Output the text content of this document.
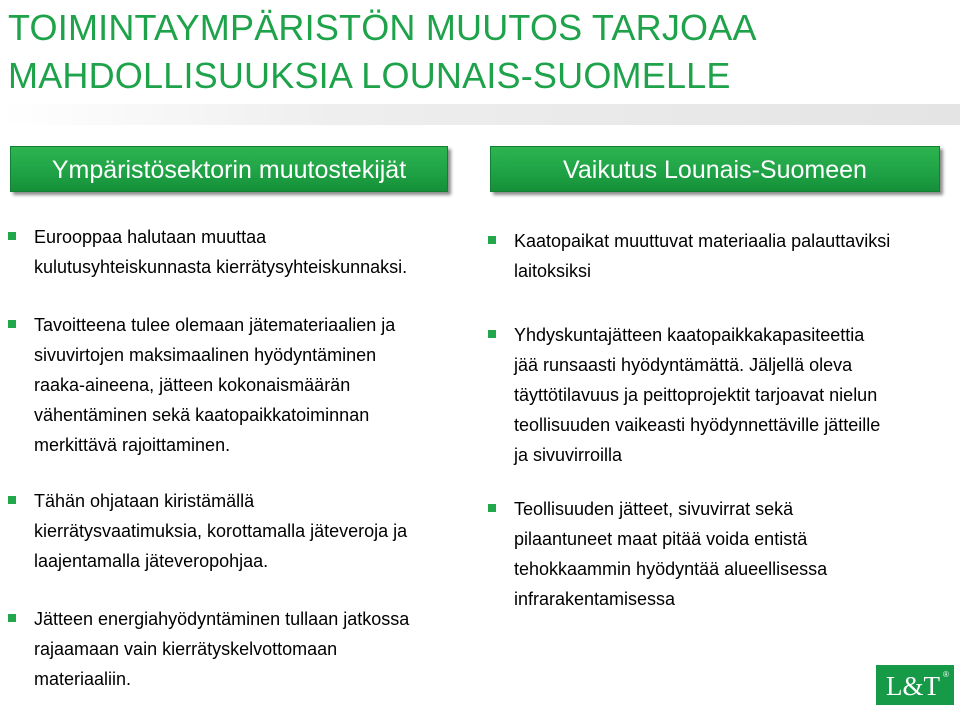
TOIMINTAYMPÄRISTÖN MUUTOS TARJOAA
MAHDOLLISUUKSIA LOUNAIS-SUOMELLE
Ympäristösektorin muutostekijät	Vaikutus Lounais-Suomeen
Eurooppaa halutaan muuttaa
kulutusyhteiskunnasta kierrätysyhteiskunnaksi.
Tavoitteena tulee olemaan jätemateriaalien ja
sivuvirtojen maksimaalinen hyödyntäminen
raaka-aineena, jätteen kokonaismäärän
vähentäminen sekä kaatopaikkatoiminnan
merkittävä rajoittaminen.
Tähän ohjataan kiristämällä
kierrätysvaatimuksia, korottamalla jäteveroja ja
laajentamalla jäteveropohjaa.
Jätteen energiahyödyntäminen tullaan jatkossa
rajaamaan vain kierrätyskelvottomaan
materiaaliin.
Kaatopaikat muuttuvat materiaalia palauttaviksi
laitoksiksi
Yhdyskuntajätteen kaatopaikkakapasiteettia
jää runsaasti hyödyntämättä. Jäljellä oleva
täyttötilavuus ja peittoprojektit tarjoavat nielun
teollisuuden vaikeasti hyödynnettäville jätteille
ja sivuvirroilla
Teollisuuden jätteet, sivuvirrat sekä
pilaantuneet maat pitää voida entistä
tehokkaammin hyödyntää alueellisessa
infrarakentamisessa
L&T ®
